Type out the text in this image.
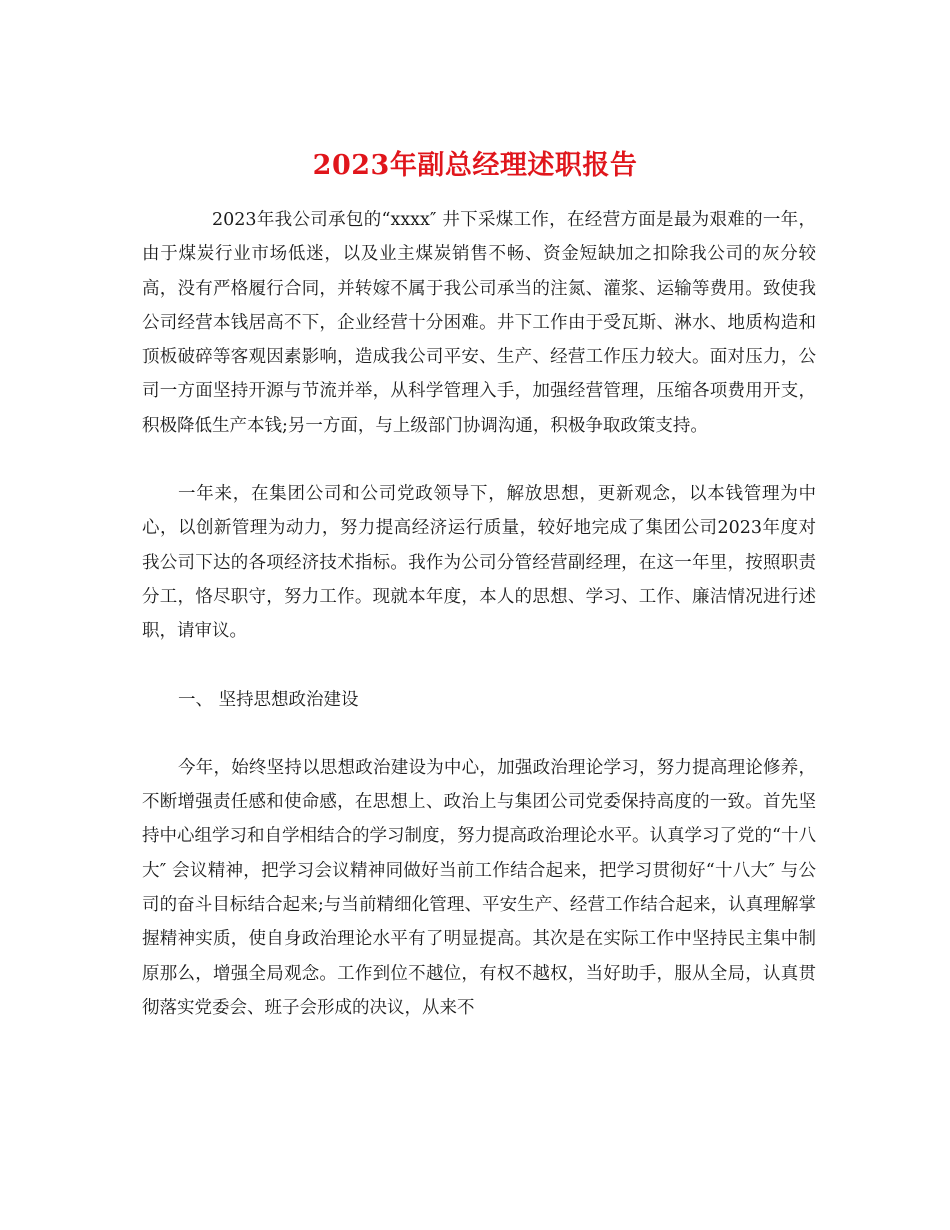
2023年副总经理述职报告

2023年我公司承包的“xxxx″ 井下采煤工作，在经营方面是最为艰难的一年，由于煤炭行业市场低迷，以及业主煤炭销售不畅、资金短缺加之扣除我公司的灰分较高，没有严格履行合同，并转嫁不属于我公司承当的注氮、灌浆、运输等费用。致使我公司经营本钱居高不下，企业经营十分困难。井下工作由于受瓦斯、淋水、地质构造和顶板破碎等客观因素影响，造成我公司平安、生产、经营工作压力较大。面对压力，公司一方面坚持开源与节流并举，从科学管理入手，加强经营管理，压缩各项费用开支，积极降低生产本钱;另一方面，与上级部门协调沟通，积极争取政策支持。

一年来，在集团公司和公司党政领导下，解放思想，更新观念，以本钱管理为中心，以创新管理为动力，努力提高经济运行质量，较好地完成了集团公司2023年度对我公司下达的各项经济技术指标。我作为公司分管经营副经理，在这一年里，按照职责分工，恪尽职守，努力工作。现就本年度，本人的思想、学习、工作、廉洁情况进行述职，请审议。

一、 坚持思想政治建设

今年，始终坚持以思想政治建设为中心，加强政治理论学习，努力提高理论修养，不断增强责任感和使命感，在思想上、政治上与集团公司党委保持高度的一致。首先坚持中心组学习和自学相结合的学习制度，努力提高政治理论水平。认真学习了党的“十八大″ 会议精神，把学习会议精神同做好当前工作结合起来，把学习贯彻好“十八大″ 与公司的奋斗目标结合起来;与当前精细化管理、平安生产、经营工作结合起来，认真理解掌握精神实质，使自身政治理论水平有了明显提高。其次是在实际工作中坚持民主集中制原那么，增强全局观念。工作到位不越位，有权不越权，当好助手，服从全局，认真贯彻落实党委会、班子会形成的决议，从来不
